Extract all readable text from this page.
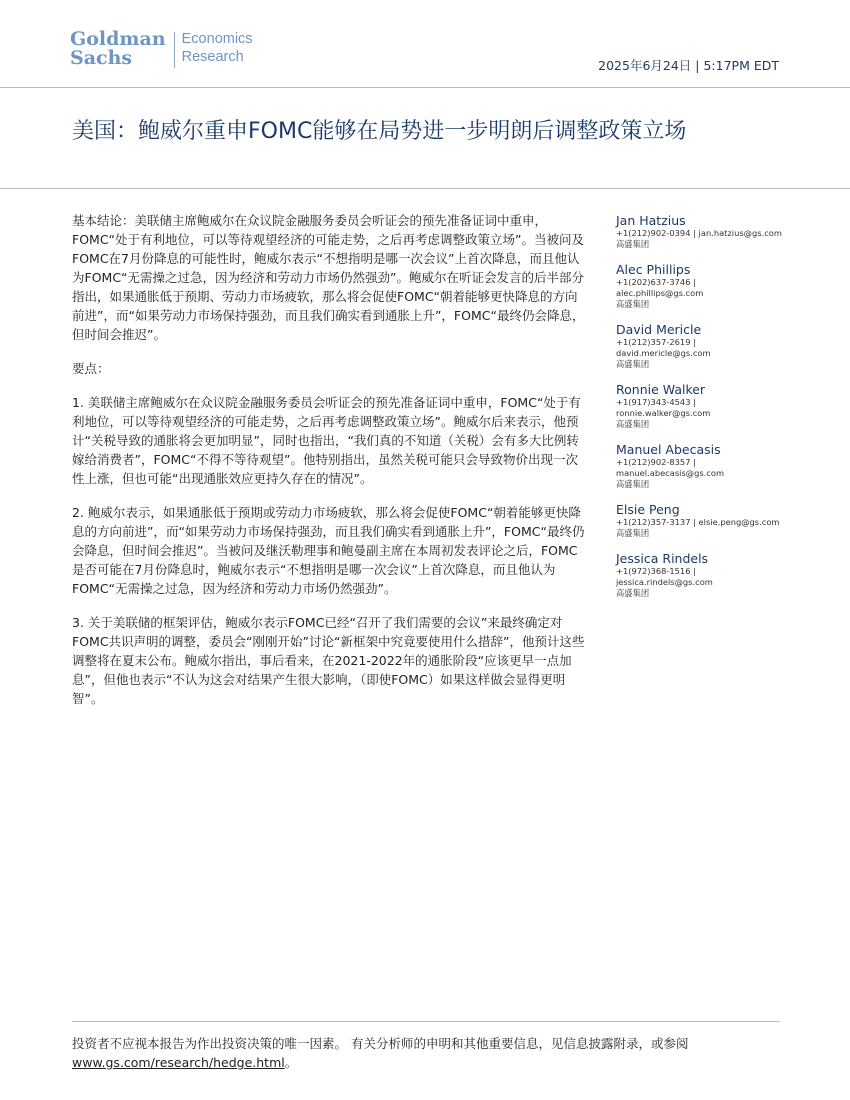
Goldman
Sachs
Economics
Research
2025年6月24日 | 5:17PM EDT
美国：鲍威尔重申FOMC能够在局势进一步明朗后调整政策立场

基本结论：美联储主席鲍威尔在众议院金融服务委员会听证会的预先准备证词中重申，FOMC“处于有利地位，可以等待观望经济的可能走势，之后再考虑调整政策立场”。当被问及FOMC在7月份降息的可能性时，鲍威尔表示“不想指明是哪一次会议”上首次降息，而且他认为FOMC“无需操之过急，因为经济和劳动力市场仍然强劲”。鲍威尔在听证会发言的后半部分指出，如果通胀低于预期、劳动力市场疲软，那么将会促使FOMC“朝着能够更快降息的方向前进”，而“如果劳动力市场保持强劲，而且我们确实看到通胀上升”，FOMC“最终仍会降息，但时间会推迟”。

要点：

1. 美联储主席鲍威尔在众议院金融服务委员会听证会的预先准备证词中重申，FOMC“处于有利地位，可以等待观望经济的可能走势，之后再考虑调整政策立场”。鲍威尔后来表示，他预计“关税导致的通胀将会更加明显”，同时也指出，“我们真的不知道（关税）会有多大比例转嫁给消费者”，FOMC“不得不等待观望”。他特别指出，虽然关税可能只会导致物价出现一次性上涨，但也可能“出现通胀效应更持久存在的情况”。

2. 鲍威尔表示，如果通胀低于预期或劳动力市场疲软，那么将会促使FOMC“朝着能够更快降息的方向前进”，而“如果劳动力市场保持强劲，而且我们确实看到通胀上升”，FOMC“最终仍会降息，但时间会推迟”。当被问及继沃勒理事和鲍曼副主席在本周初发表评论之后，FOMC是否可能在7月份降息时，鲍威尔表示“不想指明是哪一次会议”上首次降息，而且他认为FOMC“无需操之过急，因为经济和劳动力市场仍然强劲”。

3. 关于美联储的框架评估，鲍威尔表示FOMC已经“召开了我们需要的会议”来最终确定对FOMC共识声明的调整，委员会“刚刚开始”讨论“新框架中究竟要使用什么措辞”，他预计这些调整将在夏末公布。鲍威尔指出，事后看来，在2021-2022年的通胀阶段“应该更早一点加息”，但他也表示“不认为这会对结果产生很大影响，（即使FOMC）如果这样做会显得更明智”。

Jan Hatzius
+1(212)902-0394 | jan.hatzius@gs.com
高盛集团
Alec Phillips
+1(202)637-3746 |
alec.phillips@gs.com
高盛集团
David Mericle
+1(212)357-2619 |
david.mericle@gs.com
高盛集团
Ronnie Walker
+1(917)343-4543 |
ronnie.walker@gs.com
高盛集团
Manuel Abecasis
+1(212)902-8357 |
manuel.abecasis@gs.com
高盛集团
Elsie Peng
+1(212)357-3137 | elsie.peng@gs.com
高盛集团
Jessica Rindels
+1(972)368-1516 |
jessica.rindels@gs.com
高盛集团
投资者不应视本报告为作出投资决策的唯一因素。 有关分析师的申明和其他重要信息，见信息披露附录，或参阅
www.gs.com/research/hedge.html。
